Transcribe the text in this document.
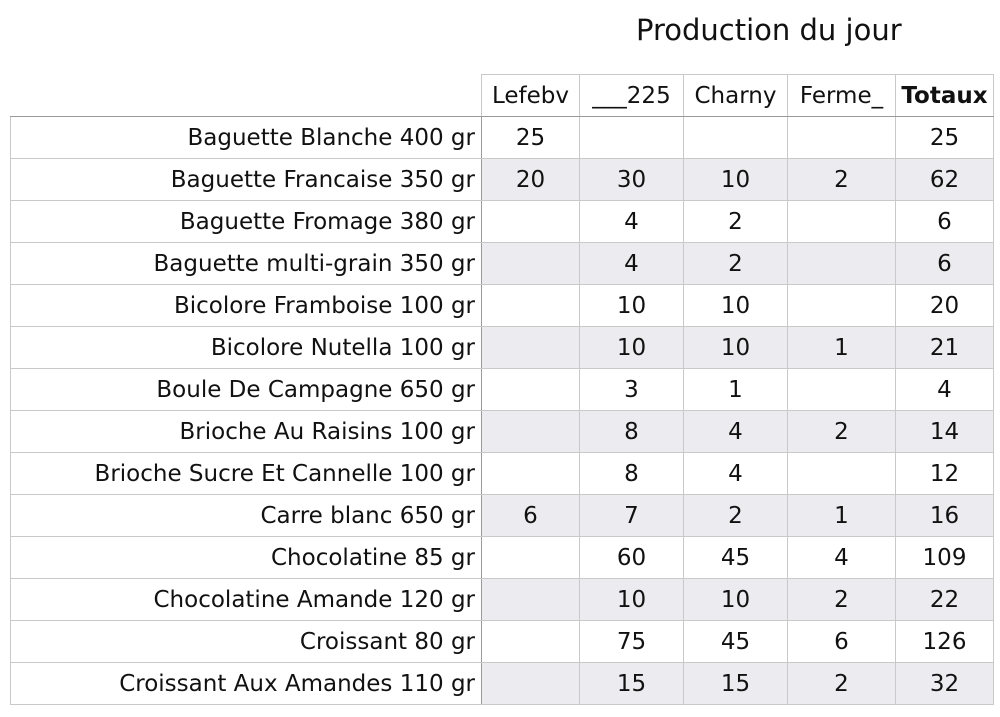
Production du jour
	Lefebv	___225	Charny	Ferme_	Totaux
Baguette Blanche 400 gr	25				25
Baguette Francaise 350 gr	20	30	10	2	62
Baguette Fromage 380 gr		4	2		6
Baguette multi-grain 350 gr		4	2		6
Bicolore Framboise 100 gr		10	10		20
Bicolore Nutella 100 gr		10	10	1	21
Boule De Campagne 650 gr		3	1		4
Brioche Au Raisins 100 gr		8	4	2	14
Brioche Sucre Et Cannelle 100 gr		8	4		12
Carre blanc 650 gr	6	7	2	1	16
Chocolatine 85 gr		60	45	4	109
Chocolatine Amande 120 gr		10	10	2	22
Croissant 80 gr		75	45	6	126
Croissant Aux Amandes 110 gr		15	15	2	32
